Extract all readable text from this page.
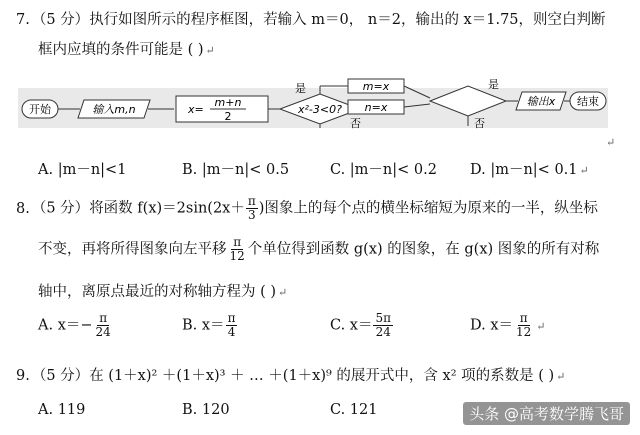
7. （5 分）执行如图所示的程序框图，若输入 m＝0， n＝2，输出的 x＝1.75，则空白判断
框内应填的条件可能是 ( ) ↵
开始	输入m,n	x=
m+n
2
x²-3<0?
是
否
m=x
n=x
是
否
输出x 结束
↵
A. |m－n|<1	B. |m－n|< 0.5	C. |m－n|< 0.2 D. |m－n|< 0.1 ↵
8. （5 分）将函数 $f(x)=2\sin(2x+ \frac{\pi}{3}$ )图象上的每个点的横坐标缩短为原来的一半，纵坐标
不变，再将所得图象向左平移 $\frac{\pi}{12}$ 个单位得到函数 g(x) 的图象，在 g(x) 图象的所有对称
轴中，离原点最近的对称轴方程为 ( ) ↵
A. $x=- \frac{\pi}{24}$	B. $x= \frac{\pi}{4}$	C. $x= \frac{5\pi}{24}$	D. $x= \frac{\pi}{12}$ ↵
9. （5 分）在 (1＋x)² ＋(1＋x)³ ＋ … ＋(1＋x)⁹ 的展开式中，含 x² 项的系数是 ( ) ↵
A. 119	B. 120	C. 121	头条 @高考数学腾飞哥
